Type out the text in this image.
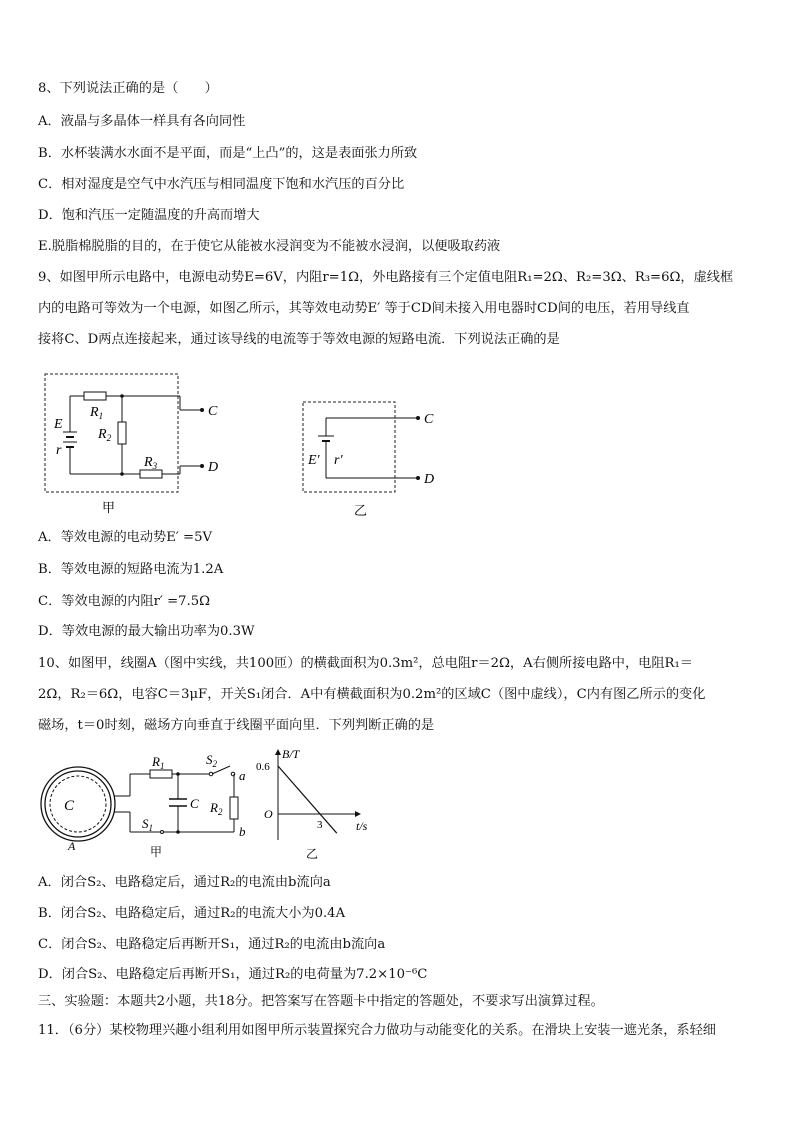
8、下列说法正确的是（　　）
A．液晶与多晶体一样具有各向同性
B．水杯装满水水面不是平面，而是“上凸”的，这是表面张力所致
C．相对湿度是空气中水汽压与相同温度下饱和水汽压的百分比
D．饱和汽压一定随温度的升高而增大
E.脱脂棉脱脂的目的，在于使它从能被水浸润变为不能被水浸润，以便吸取药液
9、如图甲所示电路中，电源电动势E=6V，内阻r=1Ω，外电路接有三个定值电阻R₁=2Ω、R₂=3Ω、R₃=6Ω，虚线框
内的电路可等效为一个电源，如图乙所示，其等效电动势E′ 等于CD间未接入用电器时CD间的电压，若用导线直
接将C、D两点连接起来，通过该导线的电流等于等效电源的短路电流．下列说法正确的是
$R_1$
$R_2$
$R_3$
E
r
C
D
甲
E′ r′
C
D
乙
A．等效电源的电动势E′ =5V
B．等效电源的短路电流为1.2A
C．等效电源的内阻r′ =7.5Ω
D．等效电源的最大输出功率为0.3W
10、如图甲，线圈A（图中实线，共100匝）的横截面积为0.3m²，总电阻r＝2Ω，A右侧所接电路中，电阻R₁＝
2Ω，R₂＝6Ω，电容C＝3μF，开关S₁闭合．A中有横截面积为0.2m²的区域C（图中虚线），C内有图乙所示的变化
磁场，t＝0时刻，磁场方向垂直于线圈平面向里．下列判断正确的是
C
A
$R_1$	$S_2$
C $R_2$
$S_1$
a
b
甲
B/T
t/s
O
0.6
3
乙
A．闭合S₂、电路稳定后，通过R₂的电流由b流向a
B．闭合S₂、电路稳定后，通过R₂的电流大小为0.4A
C．闭合S₂、电路稳定后再断开S₁，通过R₂的电流由b流向a
D．闭合S₂、电路稳定后再断开S₁，通过R₂的电荷量为7.2×10⁻⁶C
三、实验题：本题共2小题，共18分。把答案写在答题卡中指定的答题处，不要求写出演算过程。
11．（6分）某校物理兴趣小组利用如图甲所示装置探究合力做功与动能变化的关系。在滑块上安装一遮光条，系轻细
